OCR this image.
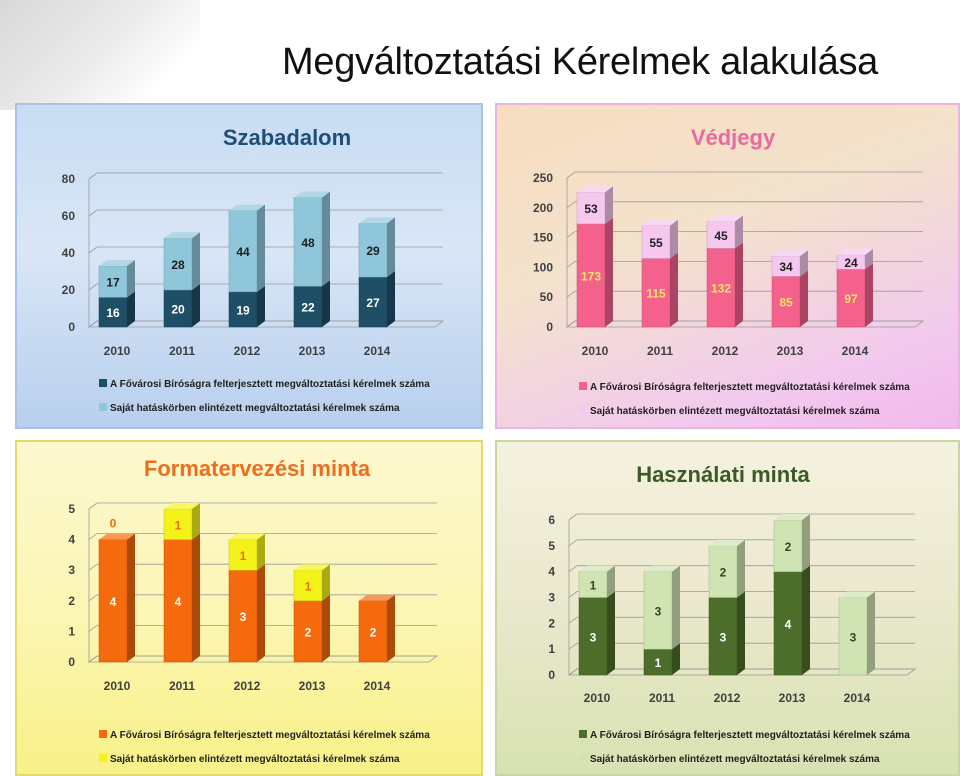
Megváltoztatási Kérelmek alakulása
Szabadalom
0
20
40
60
80
16
17
2010
20
28
2011
19
44
2012
22
48
2013
27
29
2014
A Fővárosi Bíróságra felterjesztett megváltoztatási kérelmek száma
Saját hatáskörben elintézett megváltoztatási kérelmek száma
Védjegy
0
50
100
150
200
250
173
53
2010
115
55
2011
132
45
2012
85
34
2013
97
24
2014
A Fővárosi Bíróságra felterjesztett megváltoztatási kérelmek száma
Saját hatáskörben elintézett megváltoztatási kérelmek száma
Formatervezési minta
0
1
2
3
4
5
4
0
2010
4
1
2011
3
1
2012
2
1
2013
2
2014
A Fővárosi Bíróságra felterjesztett megváltoztatási kérelmek száma
Saját hatáskörben elintézett megváltoztatási kérelmek száma
Használati minta
0
1
2
3
4
5
6
3
1
2010
1
3
2011
3
2
2012
4
2
2013
3
2014
A Fővárosi Bíróságra felterjesztett megváltoztatási kérelmek száma
Saját hatáskörben elintézett megváltoztatási kérelmek száma
